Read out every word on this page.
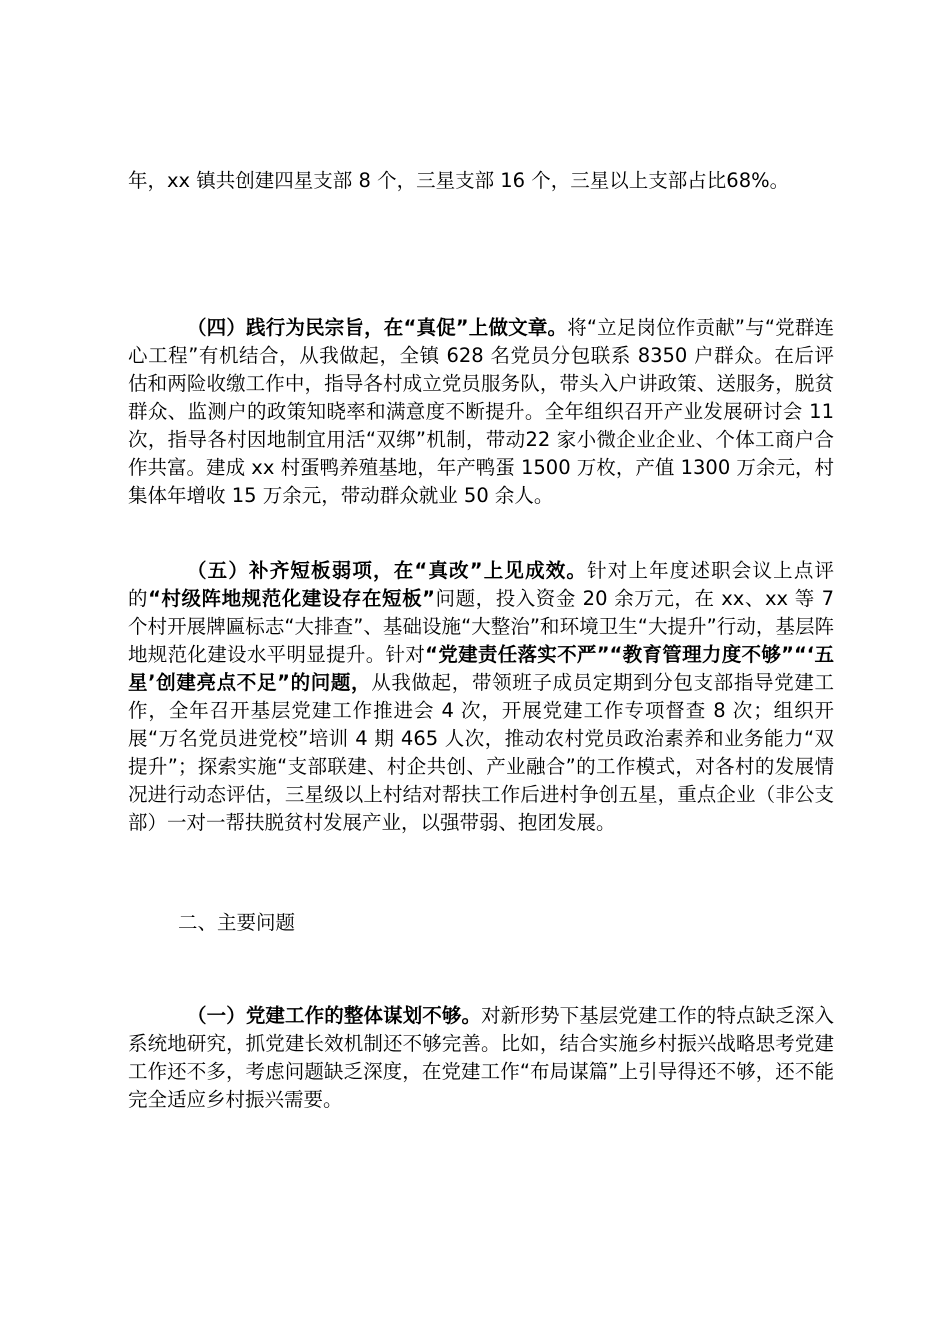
年，xx 镇共创建四星支部 8 个，三星支部 16 个，三星以上支部占比68%。

（四）践行为民宗旨，在“真促”上做文章。将“立足岗位作贡献”与“党群连心工程”有机结合，从我做起，全镇 628 名党员分包联系 8350 户群众。在后评估和两险收缴工作中，指导各村成立党员服务队，带头入户讲政策、送服务，脱贫群众、监测户的政策知晓率和满意度不断提升。全年组织召开产业发展研讨会 11 次，指导各村因地制宜用活“双绑”机制，带动22 家小微企业企业、个体工商户合作共富。建成 xx 村蛋鸭养殖基地，年产鸭蛋 1500 万枚，产值 1300 万余元，村集体年增收 15 万余元，带动群众就业 50 余人。

（五）补齐短板弱项，在“真改”上见成效。针对上年度述职会议上点评的“村级阵地规范化建设存在短板”问题，投入资金 20 余万元，在 xx、xx 等 7 个村开展牌匾标志“大排查”、基础设施“大整治”和环境卫生“大提升”行动，基层阵地规范化建设水平明显提升。针对“党建责任落实不严”“教育管理力度不够”“‘五星’创建亮点不足”的问题，从我做起，带领班子成员定期到分包支部指导党建工作，全年召开基层党建工作推进会 4 次，开展党建工作专项督查 8 次；组织开展“万名党员进党校”培训 4 期 465 人次，推动农村党员政治素养和业务能力“双提升”；探索实施“支部联建、村企共创、产业融合”的工作模式，对各村的发展情况进行动态评估，三星级以上村结对帮扶工作后进村争创五星，重点企业（非公支部）一对一帮扶脱贫村发展产业，以强带弱、抱团发展。

二、主要问题

（一）党建工作的整体谋划不够。对新形势下基层党建工作的特点缺乏深入系统地研究，抓党建长效机制还不够完善。比如，结合实施乡村振兴战略思考党建工作还不多，考虑问题缺乏深度，在党建工作“布局谋篇”上引导得还不够，还不能完全适应乡村振兴需要。
